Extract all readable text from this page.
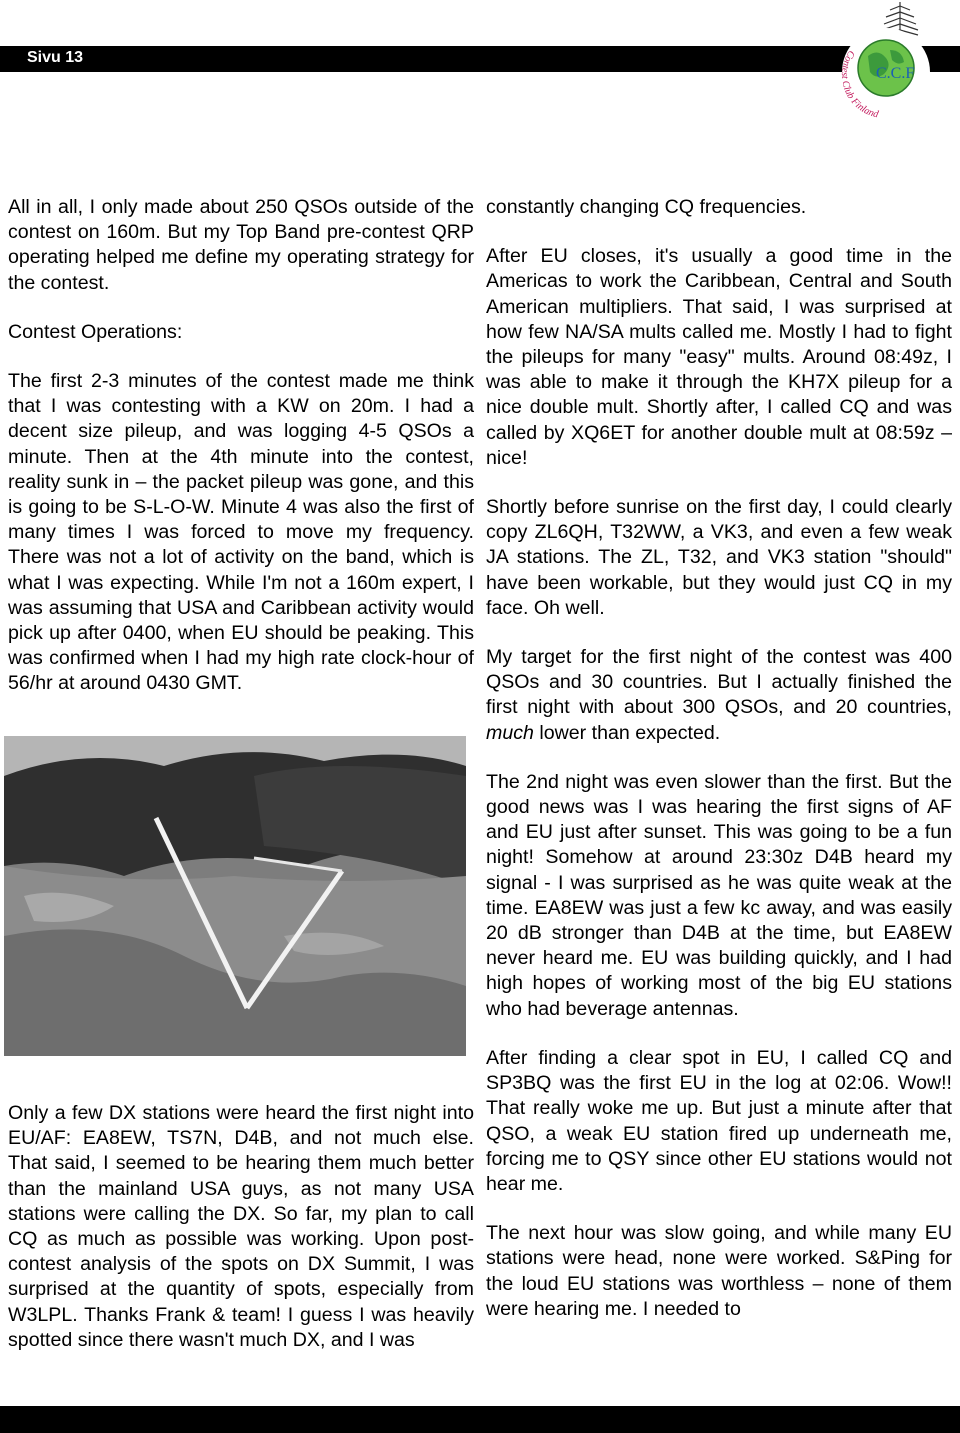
Sivu 13
C.C.F
Contest Club Finland

All in all, I only made about 250 QSOs outside of the contest on 160m. But my Top Band pre-contest QRP operating helped me define my operating strategy for the contest.

Contest Operations:

The first 2-3 minutes of the contest made me think that I was contesting with a KW on 20m. I had a decent size pileup, and was logging 4-5 QSOs a minute. Then at the 4th minute into the contest, reality sunk in – the packet pileup was gone, and this is going to be S-L-O-W. Minute 4 was also the first of many times I was forced to move my frequency. There was not a lot of activity on the band, which is what I was expecting. While I'm not a 160m expert, I was assuming that USA and Caribbean activity would pick up after 0400, when EU should be peaking. This was confirmed when I had my high rate clock-hour of 56/hr at around 0430 GMT.

Only a few DX stations were heard the first night into EU/AF: EA8EW, TS7N, D4B, and not much else. That said, I seemed to be hearing them much better than the mainland USA guys, as not many USA stations were calling the DX. So far, my plan to call CQ as much as possible was working. Upon post-contest analysis of the spots on DX Summit, I was surprised at the quantity of spots, especially from W3LPL. Thanks Frank & team! I guess I was heavily spotted since there wasn't much DX, and I was

constantly changing CQ frequencies.

After EU closes, it's usually a good time in the Americas to work the Caribbean, Central and South American multipliers. That said, I was surprised at how few NA/SA mults called me. Mostly I had to fight the pileups for many "easy" mults. Around 08:49z, I was able to make it through the KH7X pileup for a nice double mult. Shortly after, I called CQ and was called by XQ6ET for another double mult at 08:59z – nice!

Shortly before sunrise on the first day, I could clearly copy ZL6QH, T32WW, a VK3, and even a few weak JA stations. The ZL, T32, and VK3 station "should" have been workable, but they would just CQ in my face. Oh well.

My target for the first night of the contest was 400 QSOs and 30 countries. But I actually finished the first night with about 300 QSOs, and 20 countries, much lower than expected.

The 2nd night was even slower than the first. But the good news was I was hearing the first signs of AF and EU just after sunset. This was going to be a fun night! Somehow at around 23:30z D4B heard my signal - I was surprised as he was quite weak at the time. EA8EW was just a few kc away, and was easily 20 dB stronger than D4B at the time, but EA8EW never heard me. EU was building quickly, and I had high hopes of working most of the big EU stations who had beverage antennas.

After finding a clear spot in EU, I called CQ and SP3BQ was the first EU in the log at 02:06. Wow!! That really woke me up. But just a minute after that QSO, a weak EU station fired up underneath me, forcing me to QSY since other EU stations would not hear me.

The next hour was slow going, and while many EU stations were head, none were worked. S&Ping for the loud EU stations was worthless – none of them were hearing me. I needed to
